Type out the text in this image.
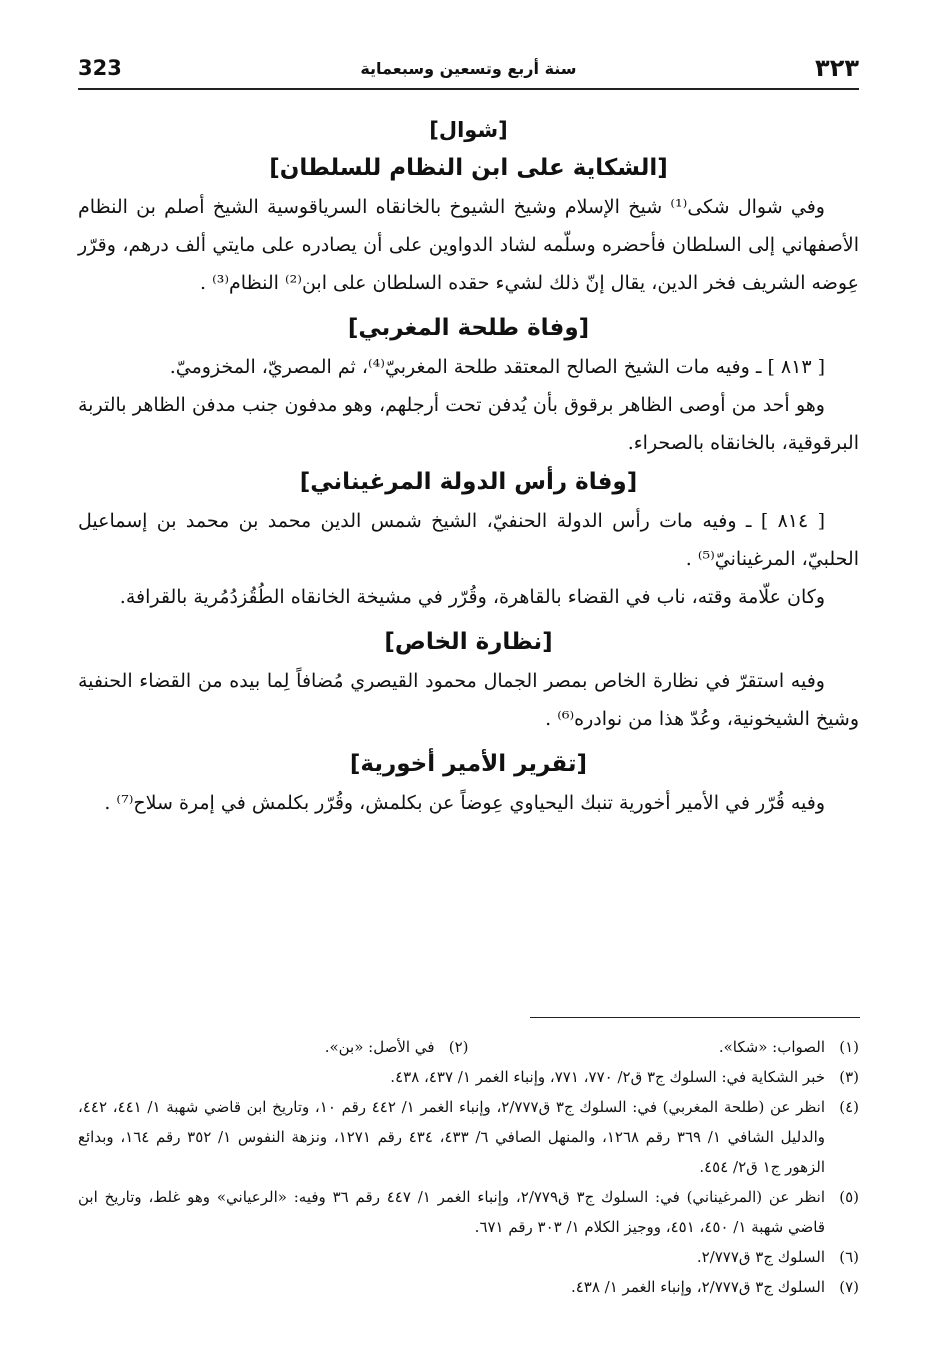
323	سنة أربع وتسعين وسبعماية	٣٢٣
[شوال]
[الشكاية على ابن النظام للسلطان]

وفي شوال شكى⁽¹⁾ شيخ الإسلام وشيخ الشيوخ بالخانقاه السرياقوسية الشيخ أصلم بن النظام الأصفهاني إلى السلطان فأحضره وسلّمه لشاد الدواوين على أن يصادره على مايتي ألف درهم، وقرّر عِوضه الشريف فخر الدين، يقال إنّ ذلك لشيء حقده السلطان على ابن⁽²⁾ النظام⁽³⁾ .

[وفاة طلحة المغربي]

[ ٨١٣ ] ـ وفيه مات الشيخ الصالح المعتقد طلحة المغربيّ⁽⁴⁾، ثم المصريّ، المخزوميّ.

وهو أحد من أوصى الظاهر برقوق بأن يُدفن تحت أرجلهم، وهو مدفون جنب مدفن الظاهر بالتربة البرقوقية، بالخانقاه بالصحراء.

[وفاة رأس الدولة المرغيناني]

[ ٨١٤ ] ـ وفيه مات رأس الدولة الحنفيّ، الشيخ شمس الدين محمد بن محمد بن إسماعيل الحلبيّ، المرغينانيّ⁽⁵⁾ .

وكان علّامة وقته، ناب في القضاء بالقاهرة، وقُرّر في مشيخة الخانقاه الطُقُزدُمُرية بالقرافة.

[نظارة الخاص]

وفيه استقرّ في نظارة الخاص بمصر الجمال محمود القيصري مُضافاً لِما بيده من القضاء الحنفية وشيخ الشيخونية، وعُدّ هذا من نوادره⁽⁶⁾ .

[تقرير الأمير أخورية]

وفيه قُرّر في الأمير أخورية تنبك اليحياوي عِوضاً عن بكلمش، وقُرّر بكلمش في إمرة سلاح⁽⁷⁾ .

(١)
الصواب: «شكا».
(٢)
في الأصل: «بن».
(٣)
خبر الشكاية في: السلوك ج٣ ق٢/ ٧٧٠، ٧٧١، وإنباء الغمر ١/ ٤٣٧، ٤٣٨.
(٤)
انظر عن (طلحة المغربي) في: السلوك ج٣ ق٢/٧٧٧، وإنباء الغمر ١/ ٤٤٢ رقم ١٠، وتاريخ ابن قاضي شهبة ١/ ٤٤١، ٤٤٢، والدليل الشافي ١/ ٣٦٩ رقم ١٢٦٨، والمنهل الصافي ٦/ ٤٣٣، ٤٣٤ رقم ١٢٧١، ونزهة النفوس ١/ ٣٥٢ رقم ١٦٤، وبدائع الزهور ج١ ق٢/ ٤٥٤.
(٥)
انظر عن (المرغيناني) في: السلوك ج٣ ق٢/٧٧٩، وإنباء الغمر ١/ ٤٤٧ رقم ٣٦ وفيه: «الرعياني» وهو غلط، وتاريخ ابن قاضي شهبة ١/ ٤٥٠، ٤٥١، ووجيز الكلام ١/ ٣٠٣ رقم ٦٧١.
(٦)
السلوك ج٣ ق٢/٧٧٧.
(٧)
السلوك ج٣ ق٢/٧٧٧، وإنباء الغمر ١/ ٤٣٨.
